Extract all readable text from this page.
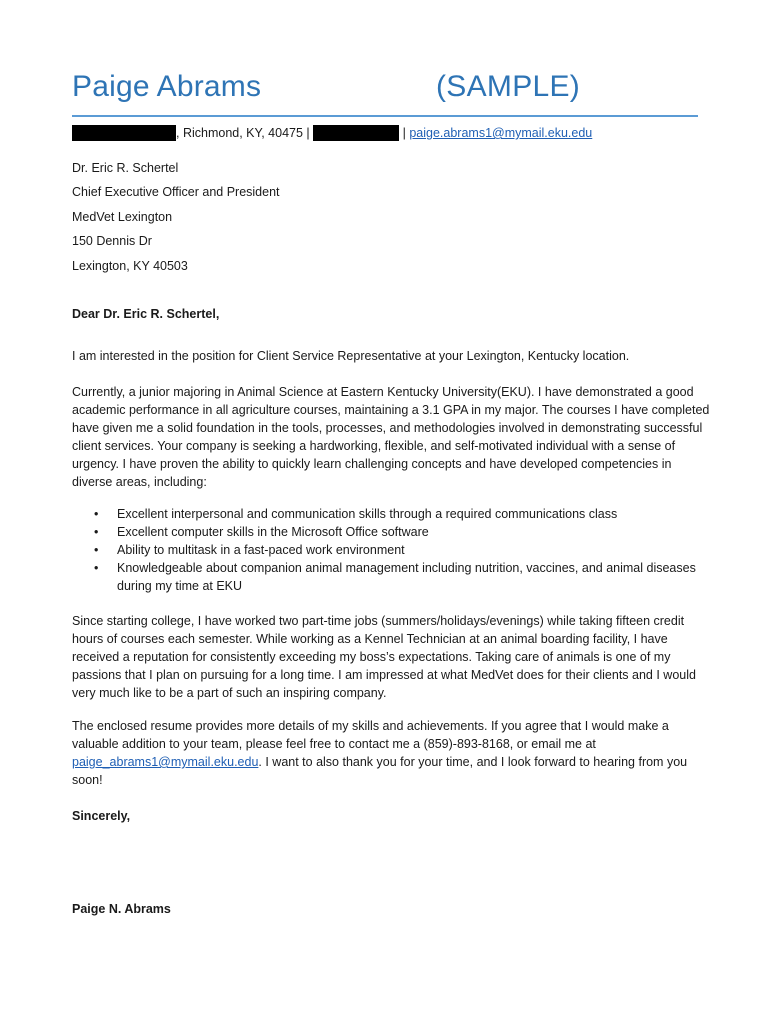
Paige Abrams	(SAMPLE)
, Richmond, KY, 40475 |	| paige.abrams1@mymail.eku.edu
Dr. Eric R. Schertel
Chief Executive Officer and President
MedVet Lexington
150 Dennis Dr
Lexington, KY 40503
Dear Dr. Eric R. Schertel,
I am interested in the position for Client Service Representative at your Lexington, Kentucky location.
Currently, a junior majoring in Animal Science at Eastern Kentucky University(EKU). I have demonstrated a good academic performance in all agriculture courses, maintaining a 3.1 GPA in my major. The courses I have completed have given me a solid foundation in the tools, processes, and methodologies involved in demonstrating successful client services. Your company is seeking a hardworking, flexible, and self-motivated individual with a sense of urgency. I have proven the ability to quickly learn challenging concepts and have developed competencies in diverse areas, including:
• Excellent interpersonal and communication skills through a required communications class
• Excellent computer skills in the Microsoft Office software
• Ability to multitask in a fast-paced work environment
• Knowledgeable about companion animal management including nutrition, vaccines, and animal diseases during my time at EKU
Since starting college, I have worked two part-time jobs (summers/holidays/evenings) while taking fifteen credit hours of courses each semester. While working as a Kennel Technician at an animal boarding facility, I have received a reputation for consistently exceeding my boss’s expectations. Taking care of animals is one of my passions that I plan on pursuing for a long time. I am impressed at what MedVet does for their clients and I would very much like to be a part of such an inspiring company.
The enclosed resume provides more details of my skills and achievements. If you agree that I would make a valuable addition to your team, please feel free to contact me a (859)-893-8168, or email me at paige_abrams1@mymail.eku.edu. I want to also thank you for your time, and I look forward to hearing from you soon!
Sincerely,
Paige N. Abrams
